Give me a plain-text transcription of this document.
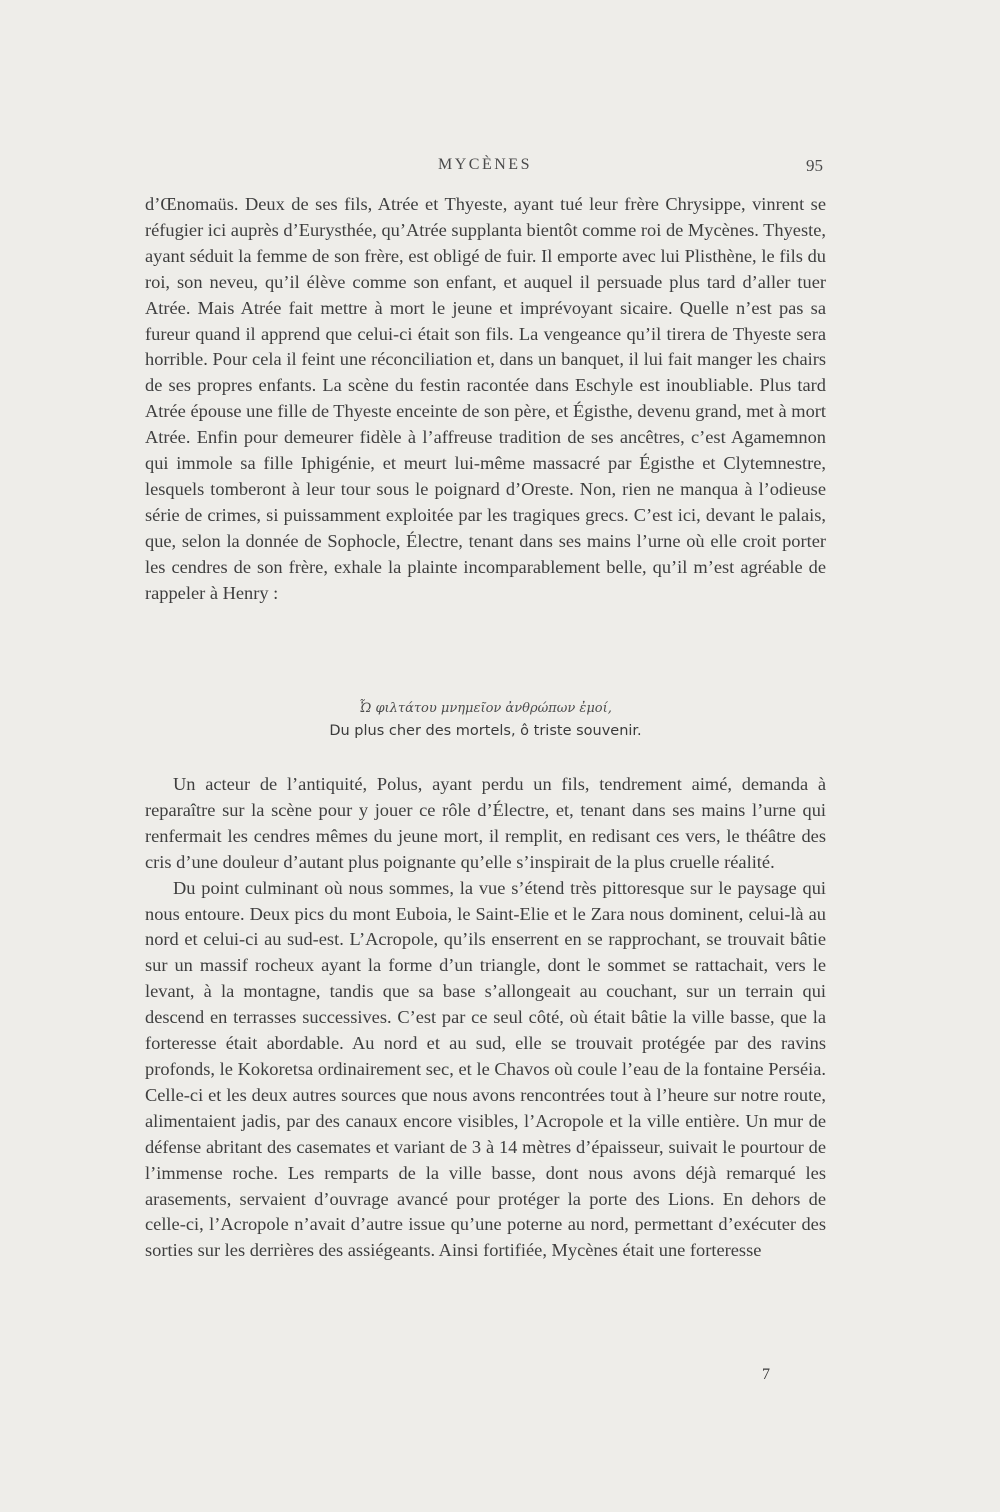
MYCÈNES	95

d’Œnomaüs. Deux de ses fils, Atrée et Thyeste, ayant tué leur frère Chrysippe, vinrent se réfugier ici auprès d’Eurysthée, qu’Atrée supplanta bientôt comme roi de Mycènes. Thyeste, ayant séduit la femme de son frère, est obligé de fuir. Il emporte avec lui Plisthène, le fils du roi, son neveu, qu’il élève comme son enfant, et auquel il persuade plus tard d’aller tuer Atrée. Mais Atrée fait mettre à mort le jeune et imprévoyant sicaire. Quelle n’est pas sa fureur quand il apprend que celui-ci était son fils. La vengeance qu’il tirera de Thyeste sera horrible. Pour cela il feint une réconciliation et, dans un banquet, il lui fait manger les chairs de ses propres enfants. La scène du festin racontée dans Eschyle est inoubliable. Plus tard Atrée épouse une fille de Thyeste enceinte de son père, et Égisthe, devenu grand, met à mort Atrée. Enfin pour demeurer fidèle à l’affreuse tradition de ses ancêtres, c’est Agamemnon qui immole sa fille Iphigénie, et meurt lui-même massacré par Égisthe et Clytemnestre, lesquels tomberont à leur tour sous le poignard d’Oreste. Non, rien ne manqua à l’odieuse série de crimes, si puissamment exploitée par les tragiques grecs. C’est ici, devant le palais, que, selon la donnée de Sophocle, Électre, tenant dans ses mains l’urne où elle croit porter les cendres de son frère, exhale la plainte incomparablement belle, qu’il m’est agréable de rappeler à Henry :

Ὦ φιλτάτου μνημεῖον ἀνθρώπων ἐμοί,
Du plus cher des mortels, ô triste souvenir.

Un acteur de l’antiquité, Polus, ayant perdu un fils, tendrement aimé, demanda à reparaître sur la scène pour y jouer ce rôle d’Électre, et, tenant dans ses mains l’urne qui renfermait les cendres mêmes du jeune mort, il remplit, en redisant ces vers, le théâtre des cris d’une douleur d’autant plus poignante qu’elle s’inspirait de la plus cruelle réalité.

Du point culminant où nous sommes, la vue s’étend très pittoresque sur le paysage qui nous entoure. Deux pics du mont Euboia, le Saint-Elie et le Zara nous dominent, celui-là au nord et celui-ci au sud-est. L’Acropole, qu’ils enserrent en se rapprochant, se trouvait bâtie sur un massif rocheux ayant la forme d’un triangle, dont le sommet se rattachait, vers le levant, à la montagne, tandis que sa base s’allongeait au couchant, sur un terrain qui descend en terrasses successives. C’est par ce seul côté, où était bâtie la ville basse, que la forteresse était abordable. Au nord et au sud, elle se trouvait protégée par des ravins profonds, le Kokoretsa ordinairement sec, et le Chavos où coule l’eau de la fontaine Perséia. Celle-ci et les deux autres sources que nous avons rencontrées tout à l’heure sur notre route, alimentaient jadis, par des canaux encore visibles, l’Acropole et la ville entière. Un mur de défense abritant des casemates et variant de 3 à 14 mètres d’épaisseur, suivait le pourtour de l’immense roche. Les remparts de la ville basse, dont nous avons déjà remarqué les arasements, servaient d’ouvrage avancé pour protéger la porte des Lions. En dehors de celle-ci, l’Acropole n’avait d’autre issue qu’une poterne au nord, permettant d’exécuter des sorties sur les derrières des assiégeants. Ainsi fortifiée, Mycènes était une forteresse

7
